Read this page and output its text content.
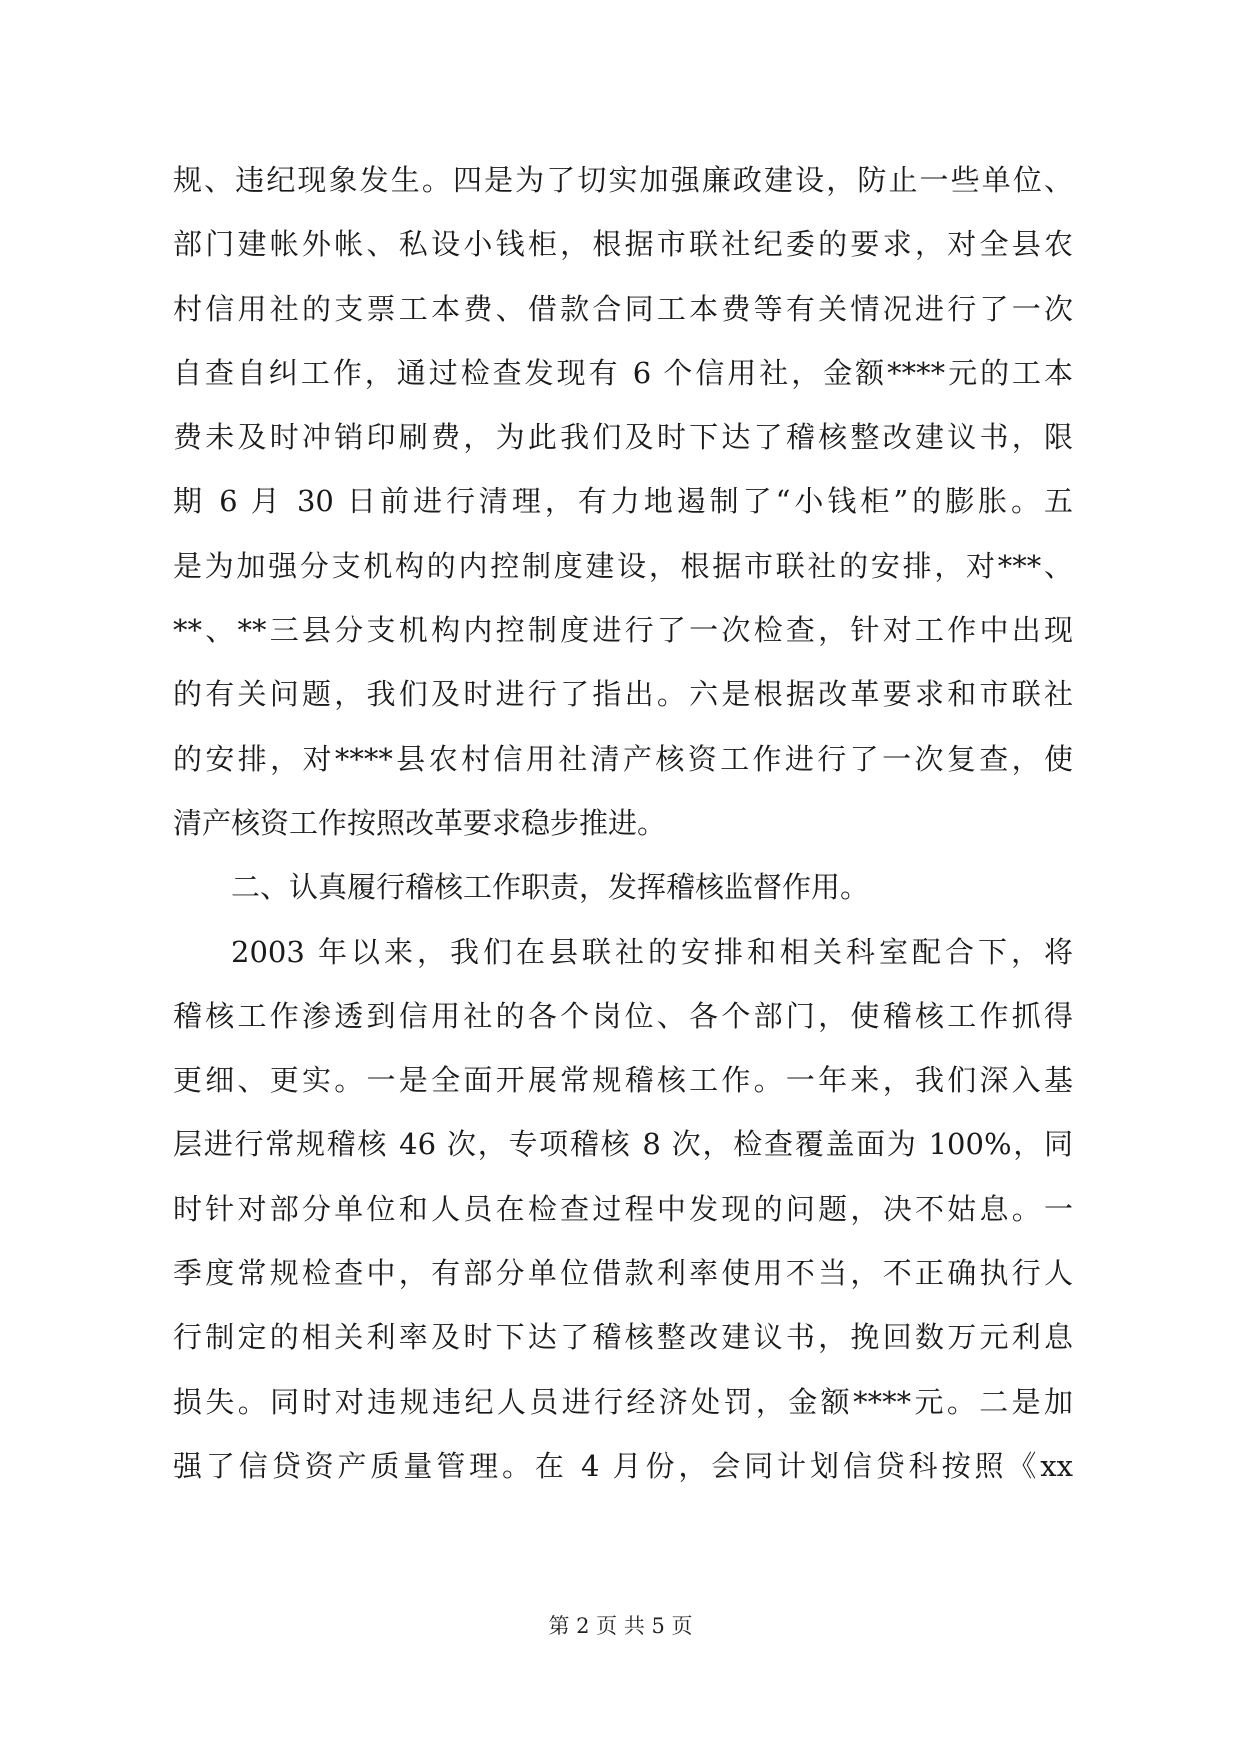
规、违纪现象发生。四是为了切实加强廉政建设，防止一些单位、
部门建帐外帐、私设小钱柜，根据市联社纪委的要求，对全县农
村信用社的支票工本费、借款合同工本费等有关情况进行了一次
自查自纠工作，通过检查发现有 6 个信用社，金额****元的工本
费未及时冲销印刷费，为此我们及时下达了稽核整改建议书，限
期 6 月 30 日前进行清理，有力地遏制了“小钱柜”的膨胀。五
是为加强分支机构的内控制度建设，根据市联社的安排，对***、
**、**三县分支机构内控制度进行了一次检查，针对工作中出现
的有关问题，我们及时进行了指出。六是根据改革要求和市联社
的安排，对****县农村信用社清产核资工作进行了一次复查，使
清产核资工作按照改革要求稳步推进。
二、认真履行稽核工作职责，发挥稽核监督作用。
2003 年以来，我们在县联社的安排和相关科室配合下，将
稽核工作渗透到信用社的各个岗位、各个部门，使稽核工作抓得
更细、更实。一是全面开展常规稽核工作。一年来，我们深入基
层进行常规稽核 46 次，专项稽核 8 次，检查覆盖面为 100%，同
时针对部分单位和人员在检查过程中发现的问题，决不姑息。一
季度常规检查中，有部分单位借款利率使用不当，不正确执行人
行制定的相关利率及时下达了稽核整改建议书，挽回数万元利息
损失。同时对违规违纪人员进行经济处罚，金额****元。二是加
强了信贷资产质量管理。在 4 月份，会同计划信贷科按照《xx
第 2 页 共 5 页
